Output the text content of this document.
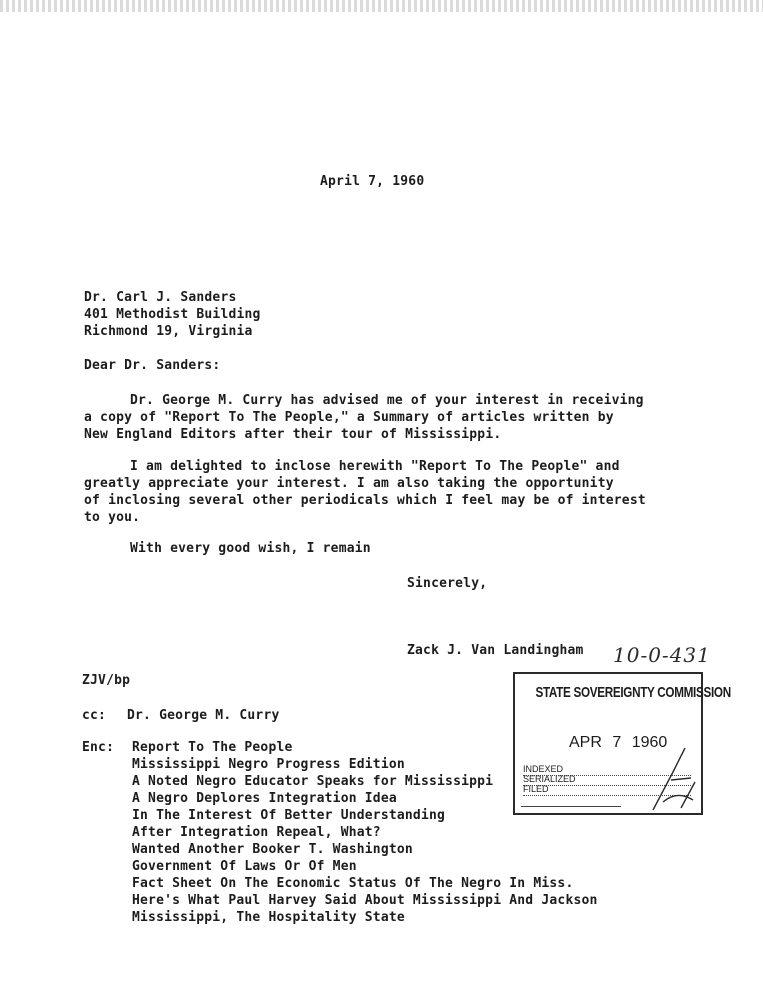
April 7, 1960
Dr. Carl J. Sanders
401 Methodist Building
Richmond 19, Virginia
Dear Dr. Sanders:
Dr. George M. Curry has advised me of your interest in receiving
a copy of "Report To The People," a Summary of articles written by
New England Editors after their tour of Mississippi.
I am delighted to inclose herewith "Report To The People" and
greatly appreciate your interest. I am also taking the opportunity
of inclosing several other periodicals which I feel may be of interest
to you.
With every good wish, I remain
Sincerely,
Zack J. Van Landingham 10-0-431
ZJV/bp
cc: Dr. George M. Curry
Enc: Report To The People
Mississippi Negro Progress Edition
A Noted Negro Educator Speaks for Mississippi
A Negro Deplores Integration Idea
In The Interest Of Better Understanding
After Integration Repeal, What?
Wanted Another Booker T. Washington
Government Of Laws Or Of Men
Fact Sheet On The Economic Status Of The Negro In Miss.
Here's What Paul Harvey Said About Mississippi And Jackson
Mississippi, The Hospitality State
STATE SOVEREIGNTY COMMISSION
APR 7 1960
INDEXED
SERIALIZED
FILED
